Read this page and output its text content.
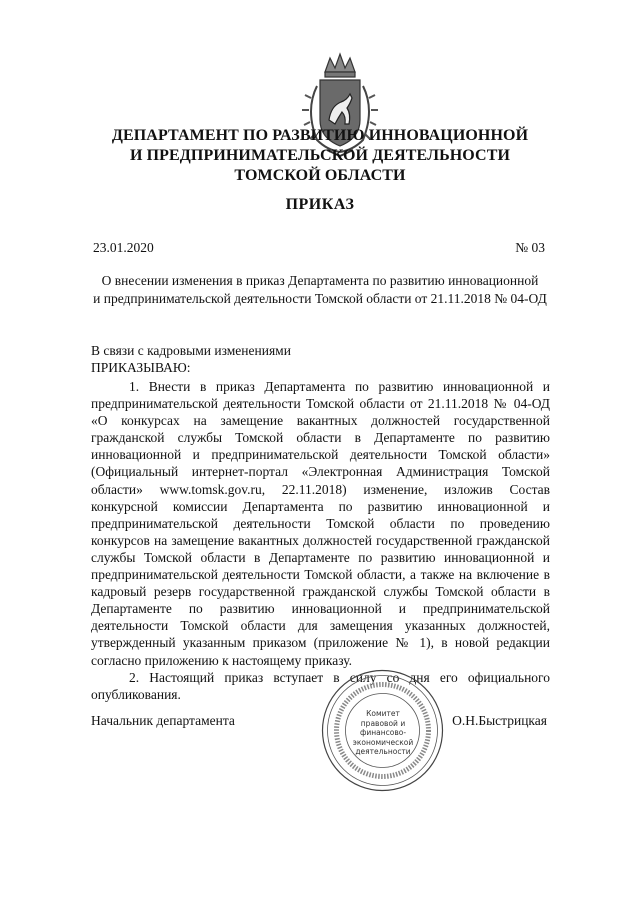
ДЕПАРТАМЕНТ ПО РАЗВИТИЮ ИННОВАЦИОННОЙ
И ПРЕДПРИНИМАТЕЛЬСКОЙ ДЕЯТЕЛЬНОСТИ
ТОМСКОЙ ОБЛАСТИ
ПРИКАЗ
23.01.2020	№ 03
О внесении изменения в приказ Департамента по развитию инновационной
и предпринимательской деятельности Томской области от 21.11.2018 № 04-ОД
В связи с кадровыми изменениями
ПРИКАЗЫВАЮ:

1. Внести в приказ Департамента по развитию инновационной и предпринимательской деятельности Томской области от 21.11.2018 № 04-ОД «О конкурсах на замещение вакантных должностей государственной гражданской службы Томской области в Департаменте по развитию инновационной и предпринимательской деятельности Томской области» (Официальный интернет-портал «Электронная Администрация Томской области» www.tomsk.gov.ru, 22.11.2018) изменение, изложив Состав конкурсной комиссии Департамента по развитию инновационной и предпринимательской деятельности Томской области по проведению конкурсов на замещение вакантных должностей государственной гражданской службы Томской области в Департаменте по развитию инновационной и предпринимательской деятельности Томской области, а также на включение в кадровый резерв государственной гражданской службы Томской области в Департаменте по развитию инновационной и предпринимательской деятельности Томской области для замещения указанных должностей, утвержденный указанным приказом (приложение № 1), в новой редакции согласно приложению к настоящему приказу.

2. Настоящий приказ вступает в силу со дня его официального опубликования.

Начальник департамента	О.Н.Быстрицкая
Комитет
правовой и
финансово-
экономической
деятельности
